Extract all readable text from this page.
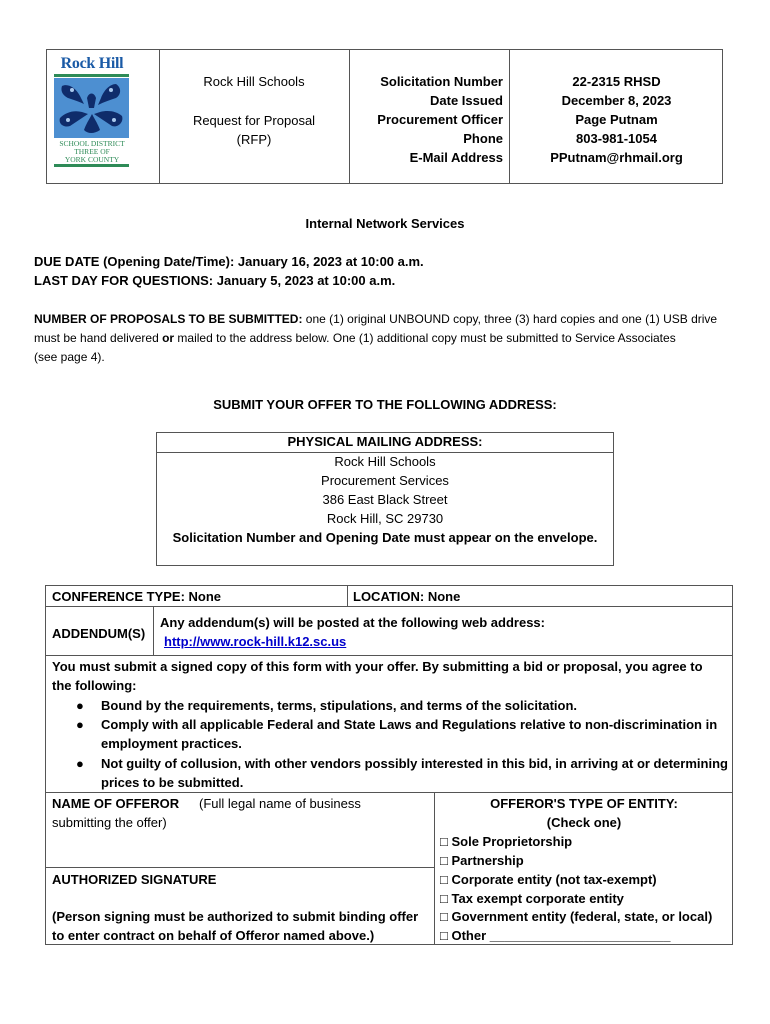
Rock Hill
SCHOOL DISTRICT
THREE OF
YORK COUNTY
Rock Hill Schools
Request for Proposal
(RFP)
Solicitation Number
Date Issued
Procurement Officer
Phone
E-Mail Address
22-2315 RHSD
December 8, 2023
Page Putnam
803-981-1054
PPutnam@rhmail.org
Internal Network Services
DUE DATE (Opening Date/Time): January 16, 2023 at 10:00 a.m.
LAST DAY FOR QUESTIONS: January 5, 2023 at 10:00 a.m.
NUMBER OF PROPOSALS TO BE SUBMITTED: one (1) original UNBOUND copy, three (3) hard copies and one (1) USB drive
must be hand delivered or mailed to the address below. One (1) additional copy must be submitted to Service Associates
(see page 4).
SUBMIT YOUR OFFER TO THE FOLLOWING ADDRESS:
PHYSICAL MAILING ADDRESS:
Rock Hill Schools
Procurement Services
386 East Black Street
Rock Hill, SC 29730
Solicitation Number and Opening Date must appear on the envelope.
CONFERENCE TYPE: None	LOCATION: None
ADDENDUM(S)
Any addendum(s) will be posted at the following web address:
http://www.rock-hill.k12.sc.us
You must submit a signed copy of this form with your offer. By submitting a bid or proposal, you agree to
the following:
● Bound by the requirements, terms, stipulations, and terms of the solicitation.
● Comply with all applicable Federal and State Laws and Regulations relative to non-discrimination in
employment practices.
● Not guilty of collusion, with other vendors possibly interested in this bid, in arriving at or determining
prices to be submitted.
NAME OF OFFEROR (Full legal name of business
submitting the offer)
AUTHORIZED SIGNATURE
(Person signing must be authorized to submit binding offer
to enter contract on behalf of Offeror named above.)
OFFEROR'S TYPE OF ENTITY:
(Check one)
□ Sole Proprietorship
□ Partnership
□ Corporate entity (not tax-exempt)
□ Tax exempt corporate entity
□ Government entity (federal, state, or local)
□ Other _________________________
